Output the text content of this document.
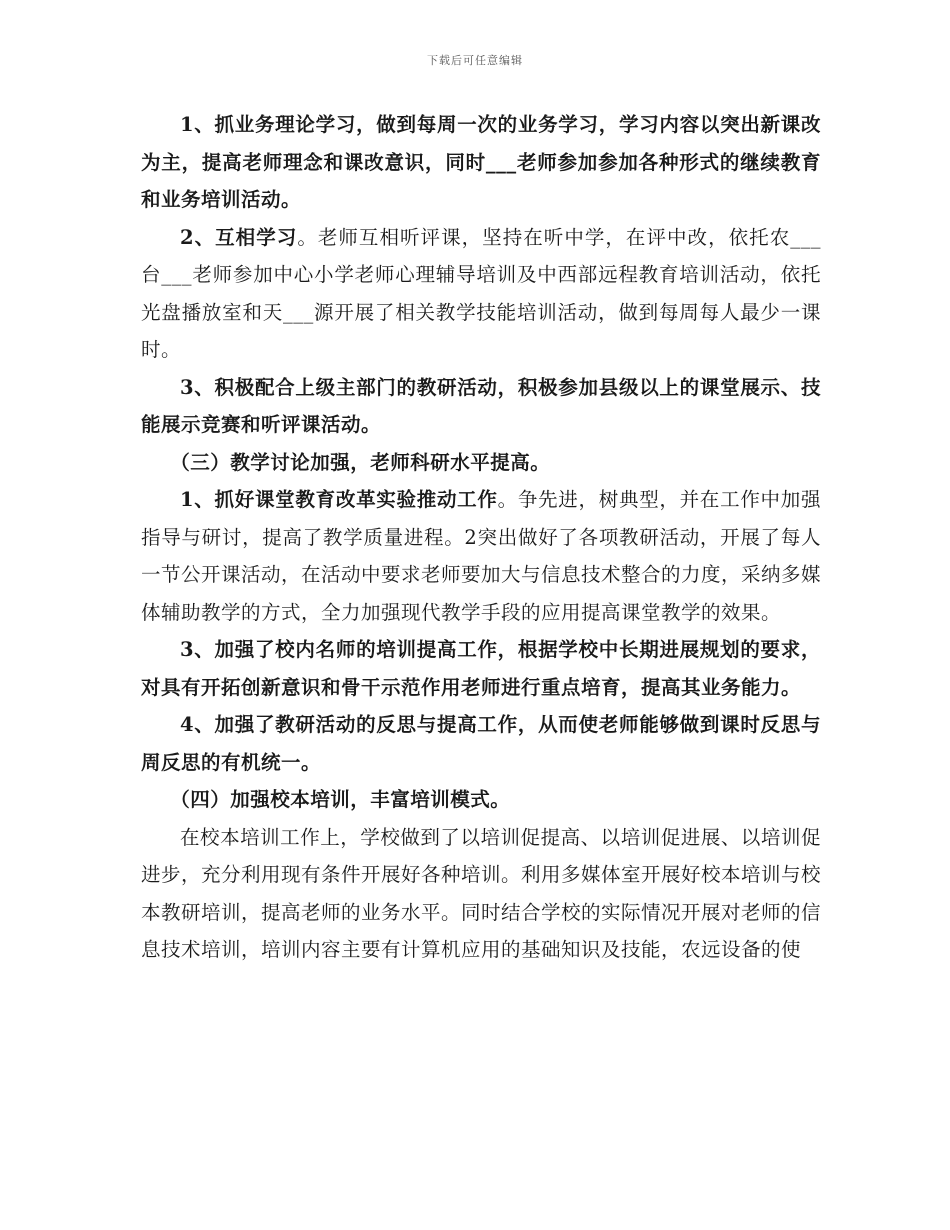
下载后可任意编辑

1、抓业务理论学习，做到每周一次的业务学习，学习内容以突出新课改为主，提高老师理念和课改意识，同时___老师参加参加各种形式的继续教育和业务培训活动。

2、互相学习。老师互相听评课，坚持在听中学，在评中改，依托农___台___老师参加中心小学老师心理辅导培训及中西部远程教育培训活动，依托光盘播放室和天___源开展了相关教学技能培训活动，做到每周每人最少一课时。

3、积极配合上级主部门的教研活动，积极参加县级以上的课堂展示、技能展示竞赛和听评课活动。

（三）教学讨论加强，老师科研水平提高。

1、抓好课堂教育改革实验推动工作。争先进，树典型，并在工作中加强指导与研讨，提高了教学质量进程。2突出做好了各项教研活动，开展了每人一节公开课活动，在活动中要求老师要加大与信息技术整合的力度，采纳多媒体辅助教学的方式，全力加强现代教学手段的应用提高课堂教学的效果。

3、加强了校内名师的培训提高工作，根据学校中长期进展规划的要求，对具有开拓创新意识和骨干示范作用老师进行重点培育，提高其业务能力。

4、加强了教研活动的反思与提高工作，从而使老师能够做到课时反思与周反思的有机统一。

（四）加强校本培训，丰富培训模式。

在校本培训工作上，学校做到了以培训促提高、以培训促进展、以培训促进步，充分利用现有条件开展好各种培训。利用多媒体室开展好校本培训与校本教研培训，提高老师的业务水平。同时结合学校的实际情况开展对老师的信息技术培训，培训内容主要有计算机应用的基础知识及技能，农远设备的使
